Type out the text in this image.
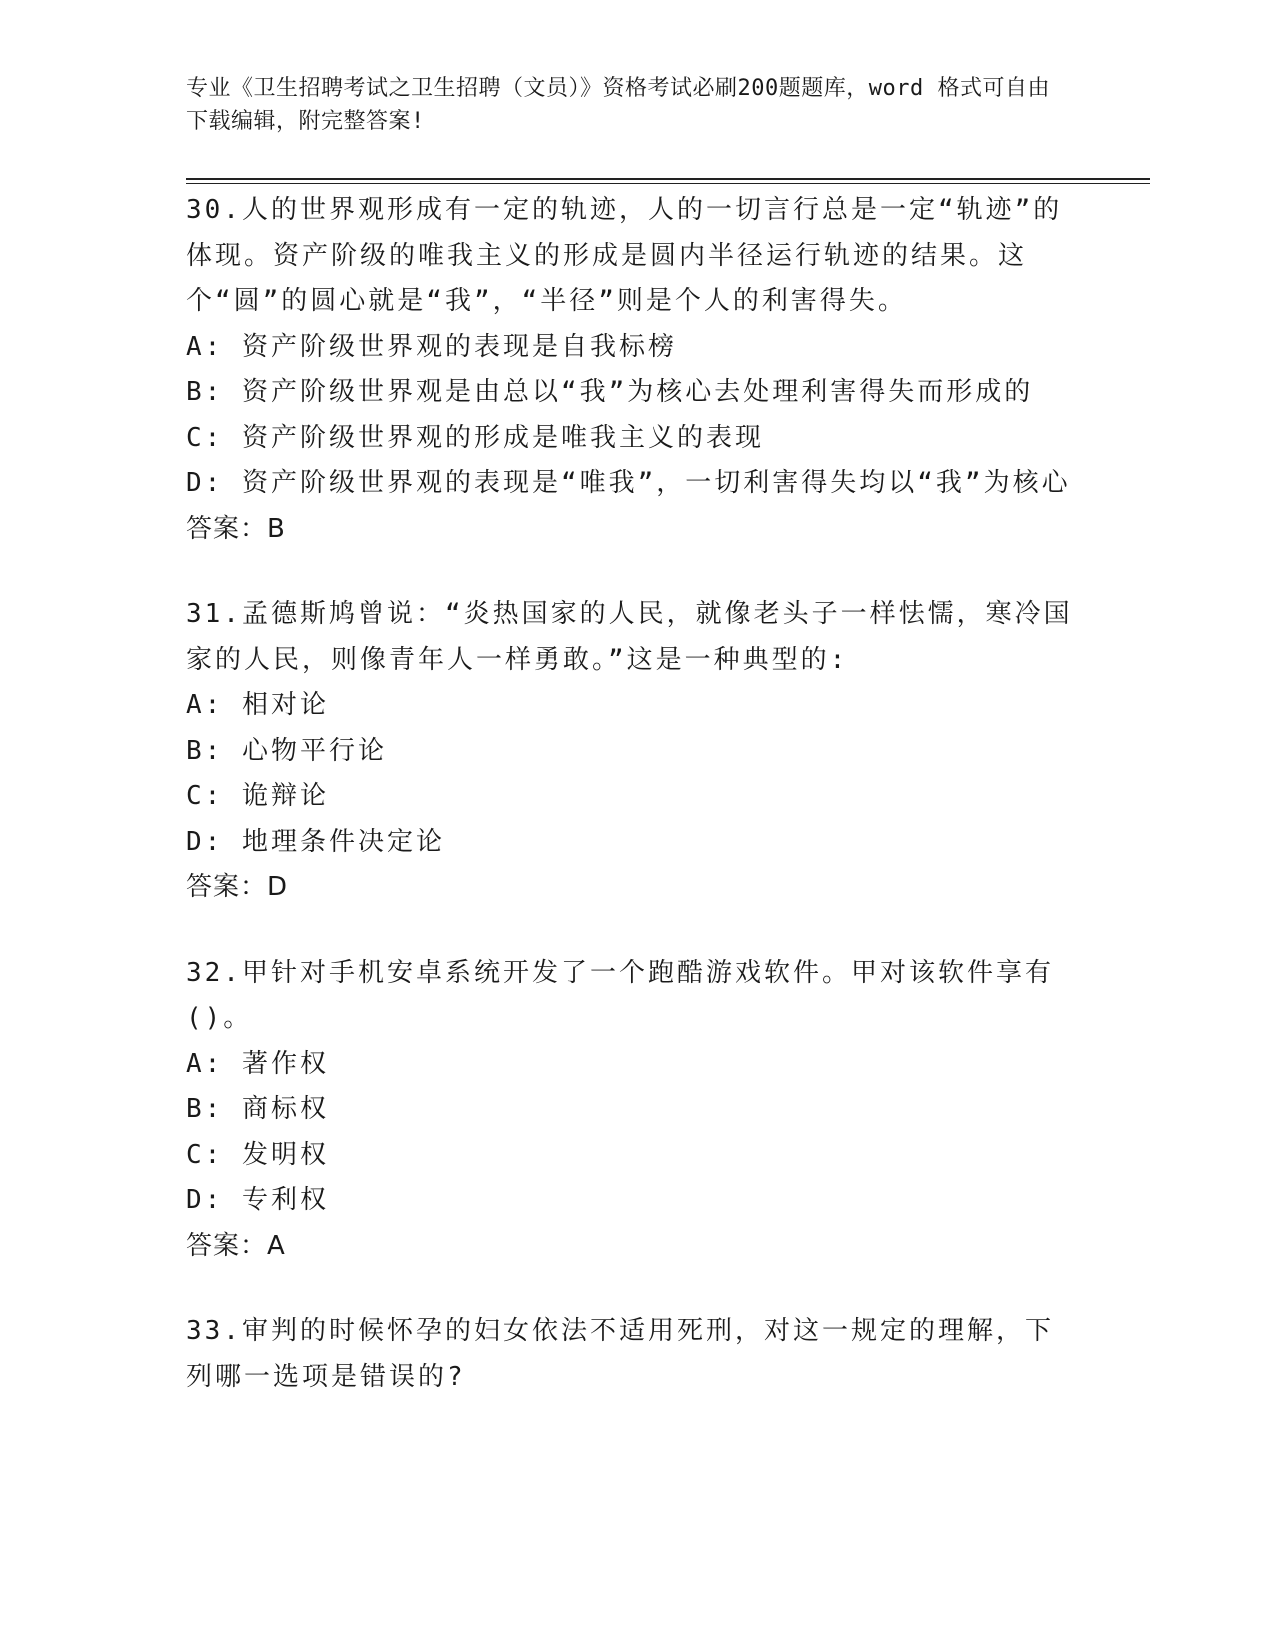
专业《卫生招聘考试之卫生招聘（文员）》资格考试必刷200题题库，word 格式可自由下载编辑，附完整答案!

30.人的世界观形成有一定的轨迹，人的一切言行总是一定“轨迹”的体现。资产阶级的唯我主义的形成是圆内半径运行轨迹的结果。这个“圆”的圆心就是“我”，“半径”则是个人的利害得失。

A: 资产阶级世界观的表现是自我标榜

B: 资产阶级世界观是由总以“我”为核心去处理利害得失而形成的

C: 资产阶级世界观的形成是唯我主义的表现

D: 资产阶级世界观的表现是“唯我”，一切利害得失均以“我”为核心

答案：B

31.孟德斯鸠曾说：“炎热国家的人民，就像老头子一样怯懦，寒冷国家的人民，则像青年人一样勇敢。”这是一种典型的:

A: 相对论

B: 心物平行论

C: 诡辩论

D: 地理条件决定论

答案：D

32.甲针对手机安卓系统开发了一个跑酷游戏软件。甲对该软件享有()。

A: 著作权

B: 商标权

C: 发明权

D: 专利权

答案：A

33.审判的时候怀孕的妇女依法不适用死刑，对这一规定的理解，下列哪一选项是错误的?
